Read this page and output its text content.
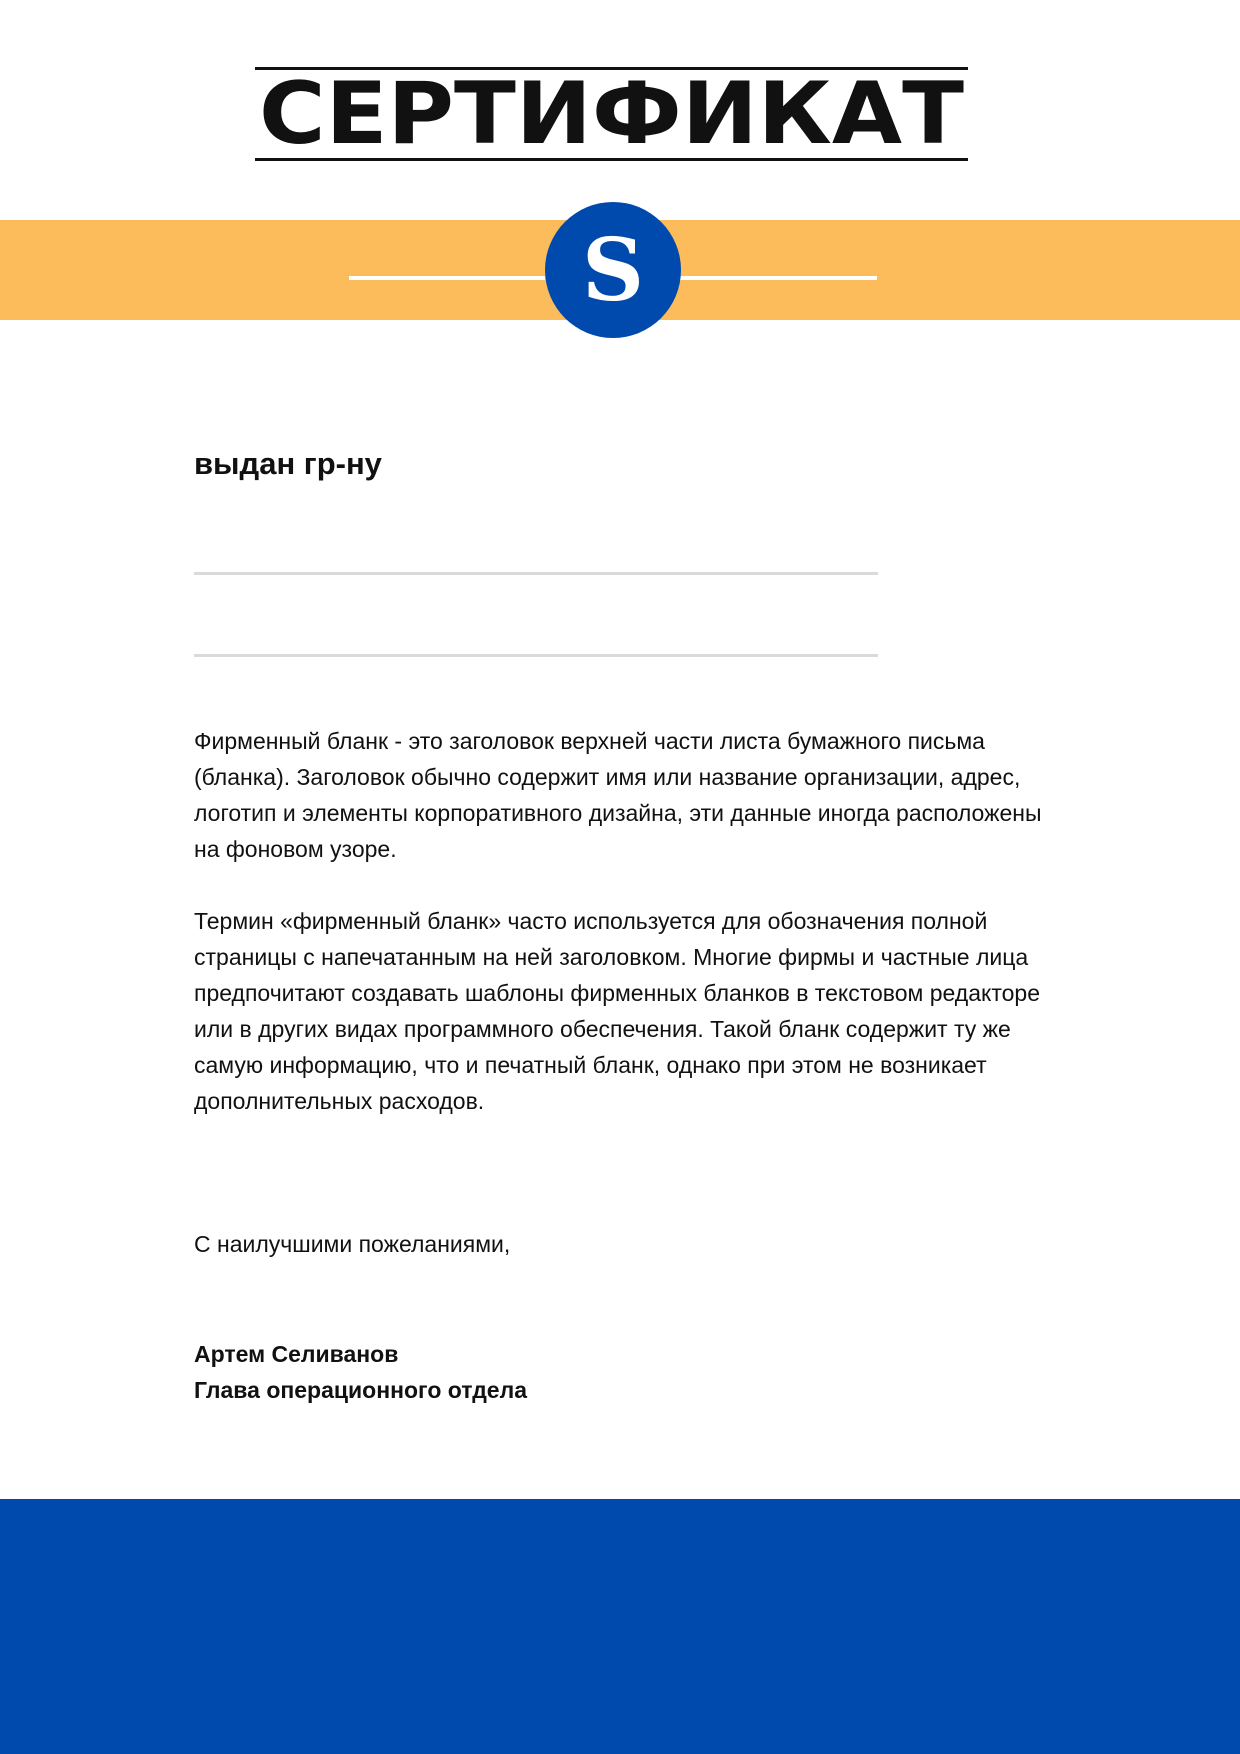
СЕРТИФИКАТ
S

выдан гр-ну

Фирменный бланк - это заголовок верхней части листа бумажного письма (бланка). Заголовок обычно содержит имя или название организации, адрес, логотип и элементы корпоративного дизайна, эти данные иногда расположены на фоновом узоре.

Термин «фирменный бланк» часто используется для обозначения полной страницы с напечатанным на ней заголовком. Многие фирмы и частные лица предпочитают создавать шаблоны фирменных бланков в текстовом редакторе или в других видах программного обеспечения. Такой бланк содержит ту же самую информацию, что и печатный бланк, однако при этом не возникает дополнительных расходов.

С наилучшими пожеланиями,

Артем Селиванов

Глава операционного отдела
